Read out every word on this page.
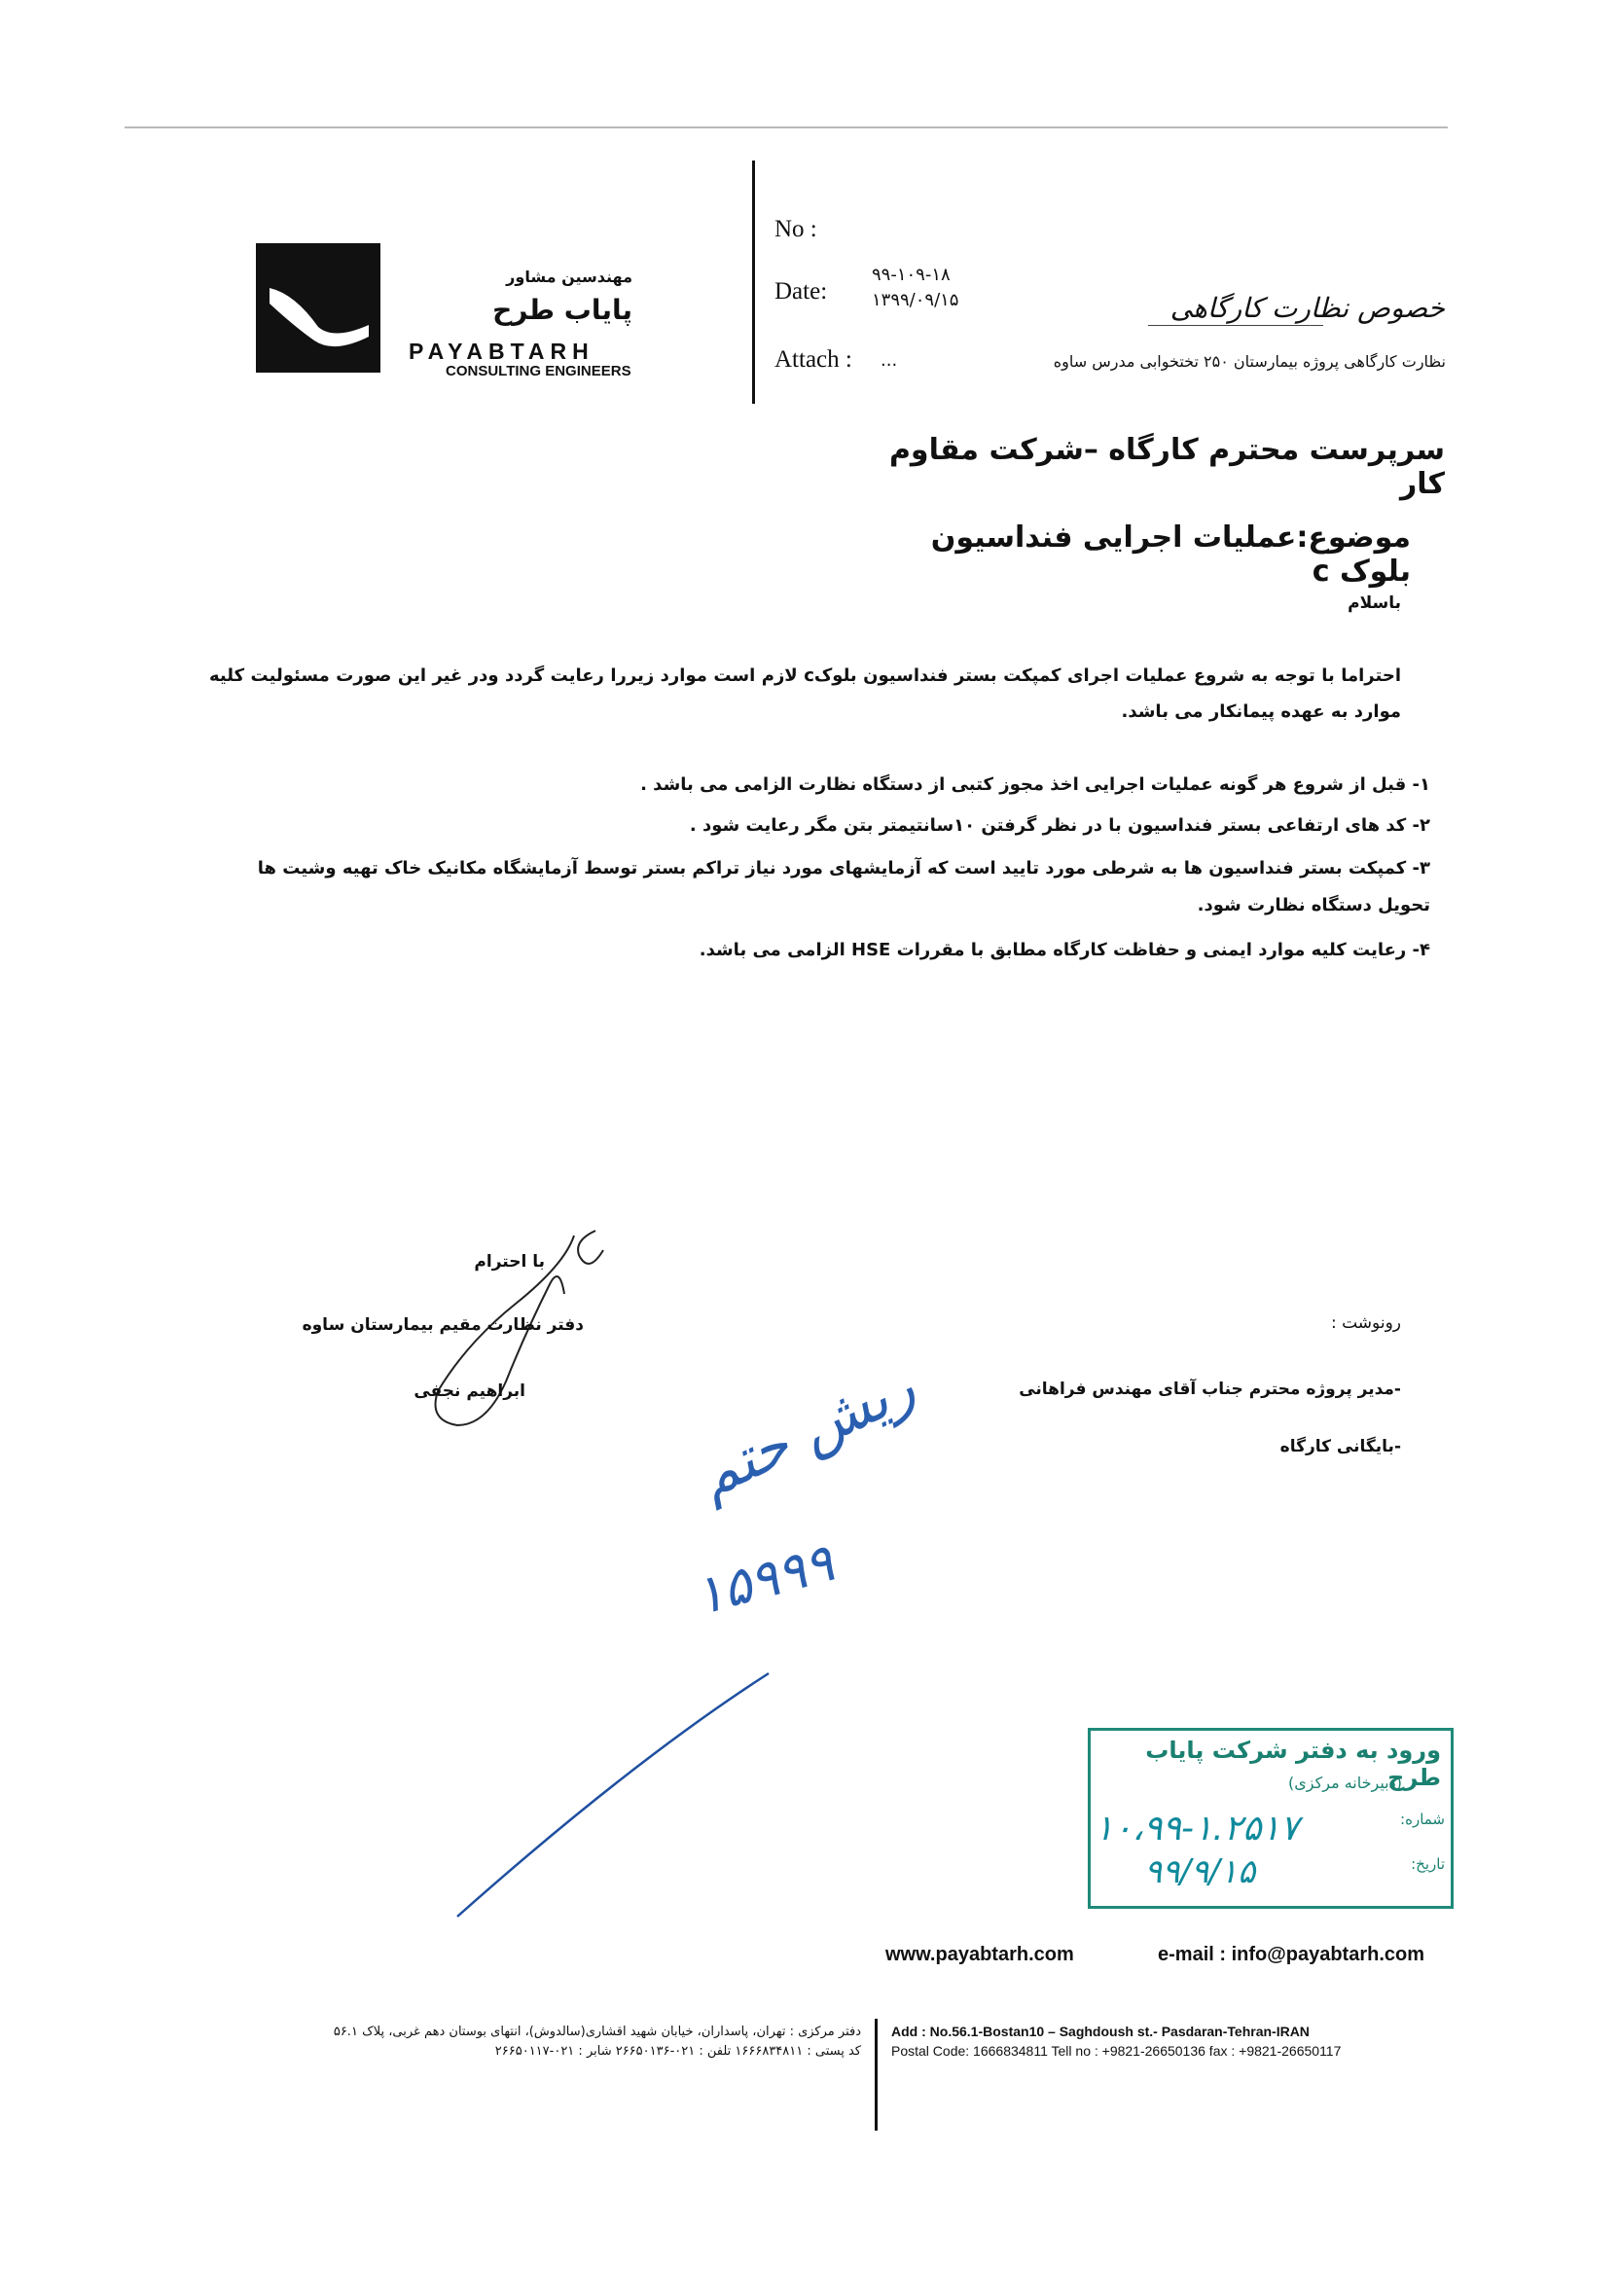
مهندسین مشاور
پایاب طرح
PAYABTARH
CONSULTING ENGINEERS
No :
Date:
۹۹-۱۰۹-۱۸
۱۳۹۹/۰۹/۱۵
Attach : ...
خصوص نظارت کارگاهی
نظارت کارگاهی پروژه بیمارستان ۲۵۰ تختخوابی مدرس ساوه
سرپرست محترم کارگاه –شرکت مقاوم کار
موضوع:عملیات اجرایی فنداسیون بلوک c
باسلام
احتراما با توجه به شروع عملیات اجرای کمپکت بستر فنداسیون بلوکc لازم است موارد زیررا رعایت گردد ودر غیر این صورت مسئولیت کلیه موارد به عهده پیمانکار می باشد.
۱- قبل از شروع هر گونه عملیات اجرایی اخذ مجوز کتبی از دستگاه نظارت الزامی می باشد .
۲- کد های ارتفاعی بستر فنداسیون با در نظر گرفتن ۱۰سانتیمتر بتن مگر رعایت شود .
۳- کمپکت بستر فنداسیون ها به شرطی مورد تایید است که آزمایشهای مورد نیاز تراکم بستر توسط آزمایشگاه مکانیک خاک تهیه وشیت ها تحویل دستگاه نظارت شود.
۴- رعایت کلیه موارد ایمنی و حفاظت کارگاه مطابق با مقررات HSE الزامی می باشد.
با احترام
دفتر نظارت مقیم بیمارستان ساوه
ابراهیم نجفی
رونوشت :
-مدیر پروژه محترم جناب آقای مهندس فراهانی
-بایگانی کارگاه
ریش حتم
۱۵۹۹۹
ورود به دفتر شرکت پایاب طرح
(دبیرخانه مرکزی)
شماره:
۱۰،۹۹-۱.۲۵۱۷
تاریخ:
۹۹/۹/۱۵
www.payabtarh.com	e-mail : info@payabtarh.com
دفتر مرکزی : تهران، پاسداران، خیابان شهید اقشاری(سالدوش)، انتهای بوستان دهم غربی، پلاک ۵۶.۱
کد پستی : ۱۶۶۶۸۳۴۸۱۱ تلفن : ۰۲۱-۲۶۶۵۰۱۳۶ شابر : ۰۲۱-۲۶۶۵۰۱۱۷
Add : No.56.1-Bostan10 – Saghdoush st.- Pasdaran-Tehran-IRAN
Postal Code: 1666834811 Tell no : +9821-26650136 fax : +9821-26650117
